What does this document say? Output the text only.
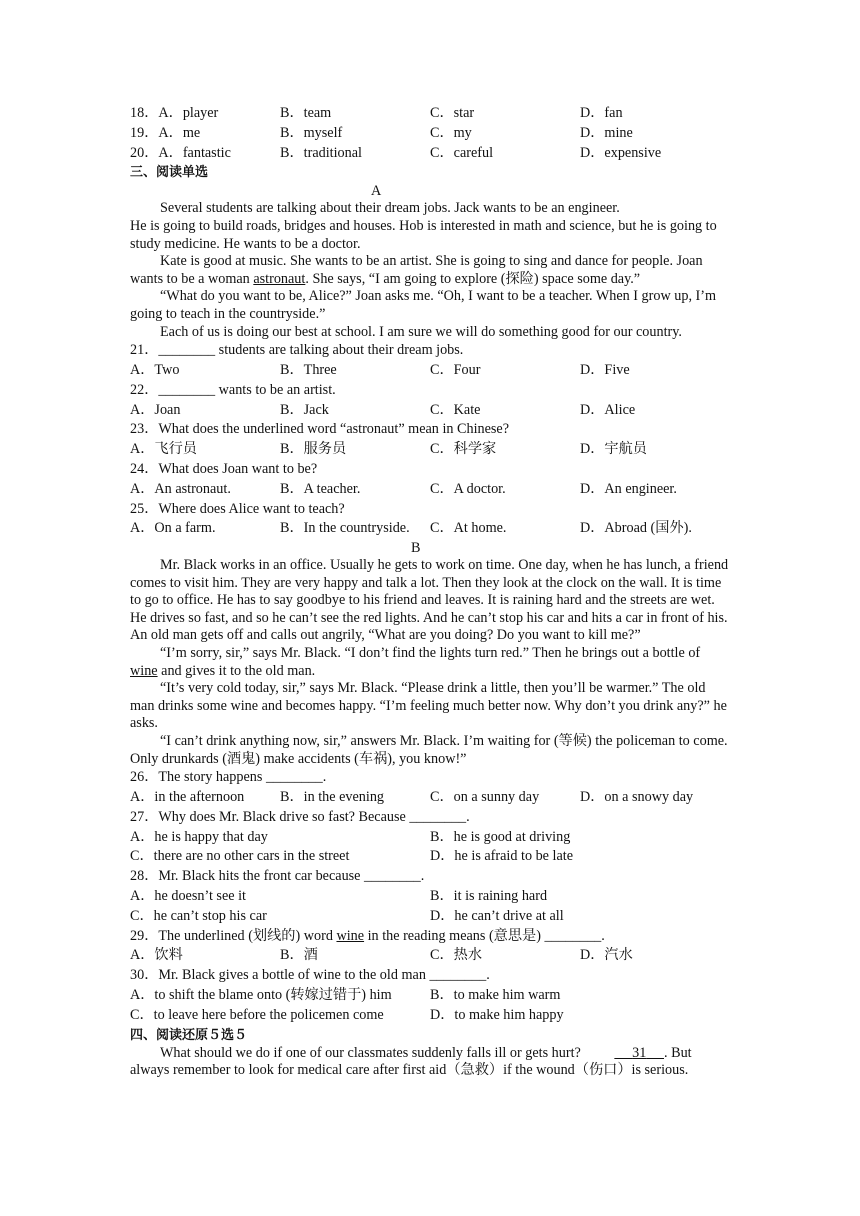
18．A．player	B．team	C．star	D．fan
19．A．me	B．myself	C．my	D．mine
20．A．fantastic	B．traditional	C．careful	D．expensive
三、阅读单选
A

Several students are talking about their dream jobs. Jack wants to be an engineer.

He is going to build roads, bridges and houses. Hob is interested in math and science, but he is going to study medicine. He wants to be a doctor.

Kate is good at music. She wants to be an artist. She is going to sing and dance for people. Joan wants to be a woman astronaut. She says, “I am going to explore (探险) space some day.”

“What do you want to be, Alice?” Joan asks me. “Oh, I want to be a teacher. When I grow up, I’m going to teach in the countryside.”

Each of us is doing our best at school. I am sure we will do something good for our country.

21．________ students are talking about their dream jobs.
A．Two	B．Three	C．Four	D．Five
22．________ wants to be an artist.
A．Joan	B．Jack	C．Kate	D．Alice
23．What does the underlined word “astronaut” mean in Chinese?
A．飞行员	B．服务员	C．科学家	D．宇航员
24．What does Joan want to be?
A．An astronaut.	B．A teacher.	C．A doctor.	D．An engineer.
25．Where does Alice want to teach?
A．On a farm.	B．In the countryside. C．At home.	D．Abroad (国外).
B

Mr. Black works in an office. Usually he gets to work on time. One day, when he has lunch, a friend comes to visit him. They are very happy and talk a lot. Then they look at the clock on the wall. It is time to go to office. He has to say goodbye to his friend and leaves. It is raining hard and the streets are wet. He drives so fast, and so he can’t see the red lights. And he can’t stop his car and hits a car in front of his. An old man gets off and calls out angrily, “What are you doing? Do you want to kill me?”

“I’m sorry, sir,” says Mr. Black. “I don’t find the lights turn red.” Then he brings out a bottle of wine and gives it to the old man.

“It’s very cold today, sir,” says Mr. Black. “Please drink a little, then you’ll be warmer.” The old man drinks some wine and becomes happy. “I’m feeling much better now. Why don’t you drink any?” he asks.

“I can’t drink anything now, sir,” answers Mr. Black. I’m waiting for (等候) the policeman to come. Only drunkards (酒鬼) make accidents (车祸), you know!”

26．The story happens ________.
A．in the afternoon	B．in the evening	C．on a sunny day	D．on a snowy day
27．Why does Mr. Black drive so fast? Because ________.
A．he is happy that day	B．he is good at driving
C．there are no other cars in the street	D．he is afraid to be late
28．Mr. Black hits the front car because ________.
A．he doesn’t see it	B．it is raining hard
C．he can’t stop his car	D．he can’t drive at all
29．The underlined (划线的) word wine in the reading means (意思是) ________.
A．饮料	B．酒	C．热水	D．汽水
30．Mr. Black gives a bottle of wine to the old man ________.
A．to shift the blame onto (转嫁过错于) him	B．to make him warm
C．to leave here before the policemen come	D．to make him happy
四、阅读还原５选５

What should we do if one of our classmates suddenly falls ill or gets hurt?	31 . But always remember to look for medical care after first aid（急救）if the wound（伤口）is serious.
